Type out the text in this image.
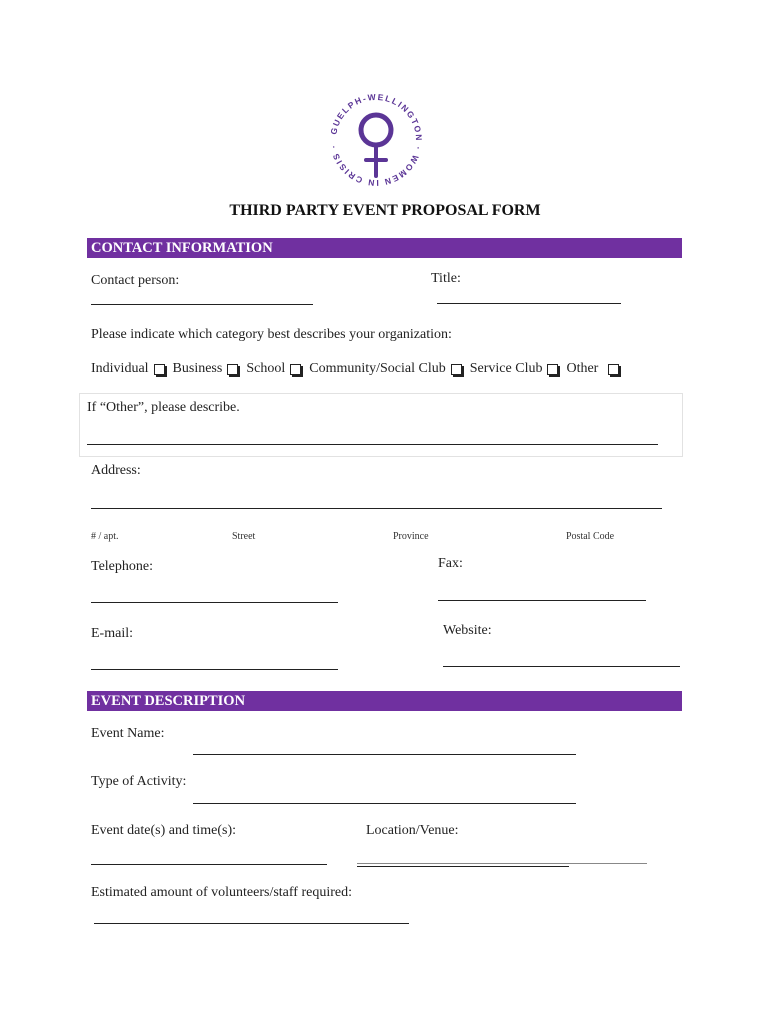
GUELPH-WELLINGTON · WOMEN IN CRISIS ·
THIRD PARTY EVENT PROPOSAL FORM
CONTACT INFORMATION
Contact person:	Title:
Please indicate which category best describes your organization:
Individual Business School Community/Social Club Service Club Other
If “Other”, please describe.
Address:
# / apt.	Street	Province	Postal Code
Telephone:	Fax:
E-mail:	Website:
EVENT DESCRIPTION
Event Name:
Type of Activity:
Event date(s) and time(s):	Location/Venue:
Estimated amount of volunteers/staff required:
